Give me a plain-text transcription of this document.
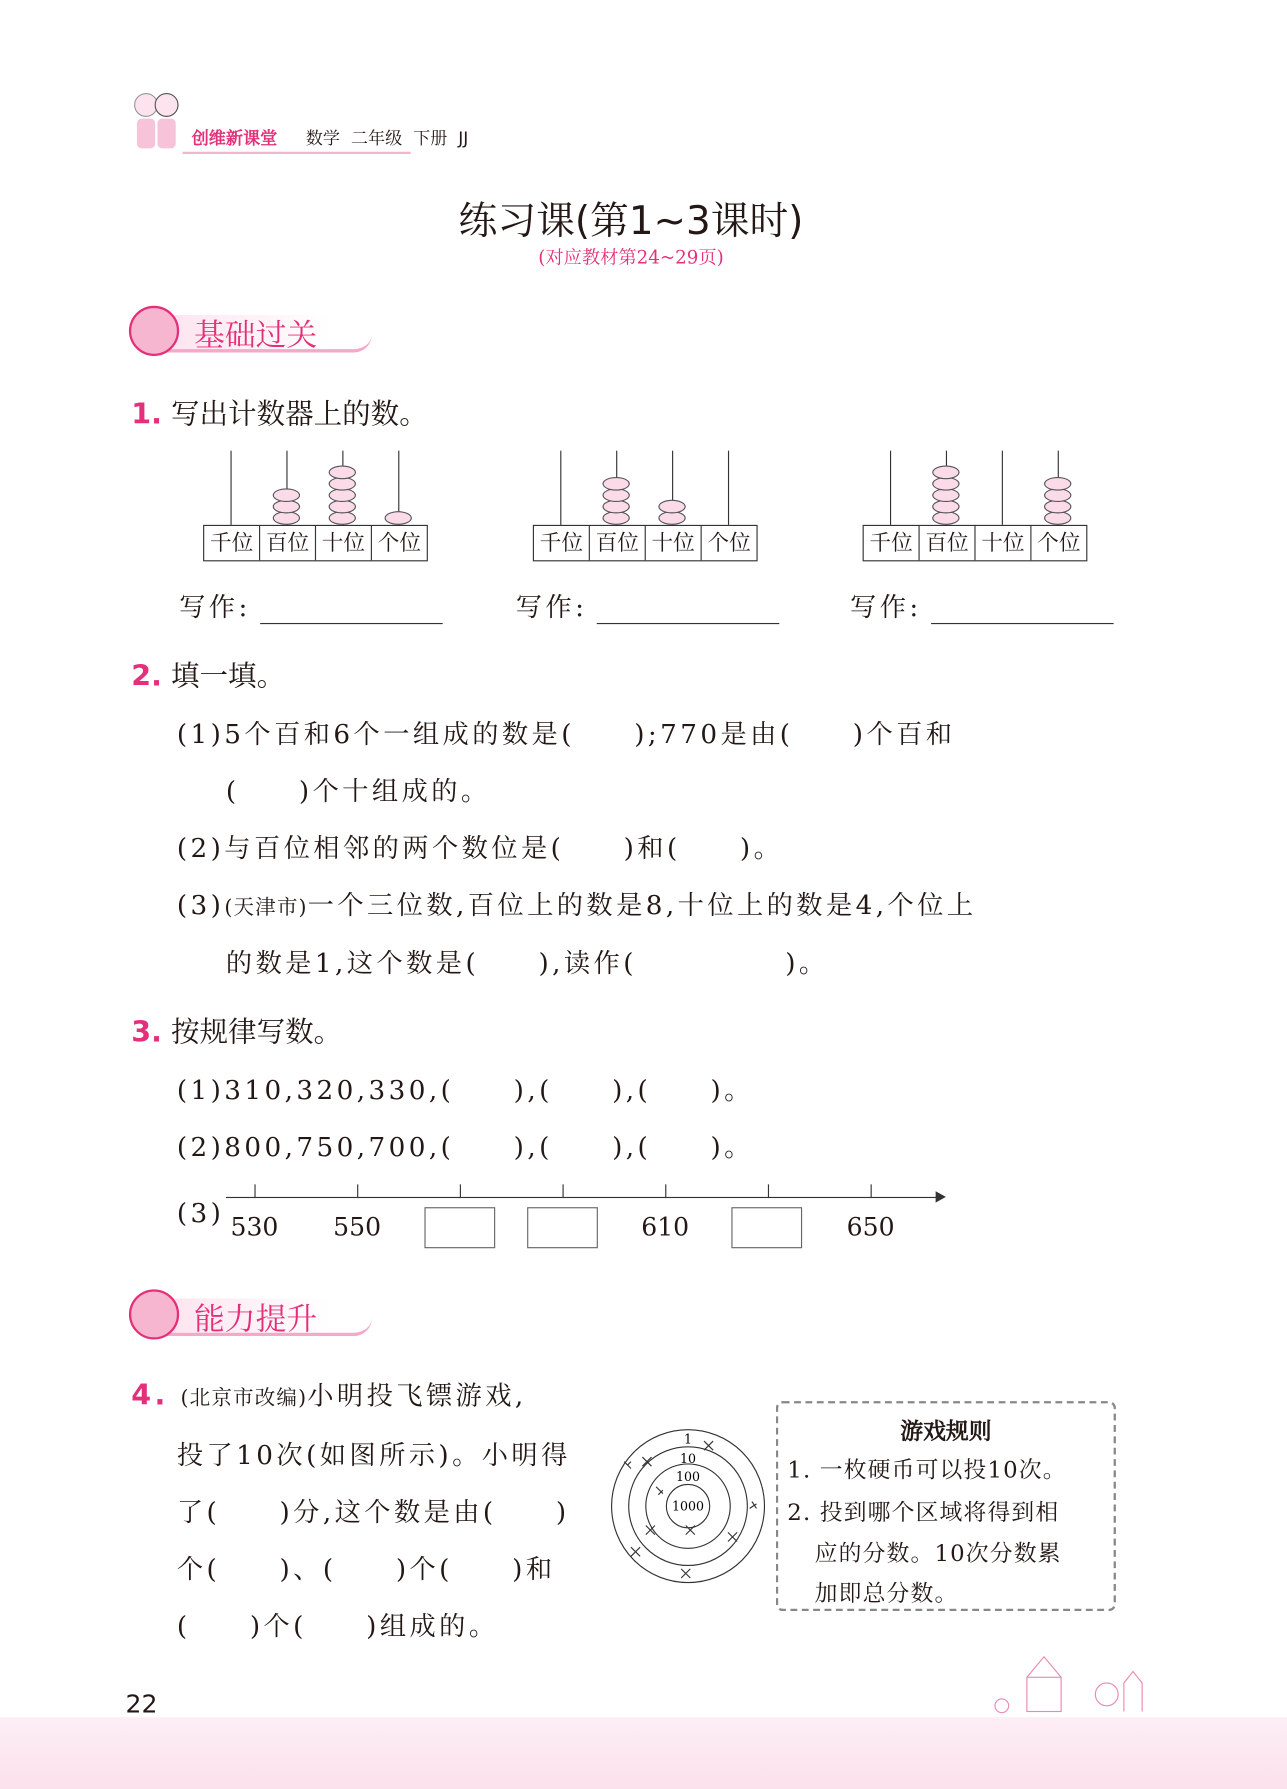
创维新课堂 数学  二年级  下册  JJ
练习课(第1~3课时)
(对应教材第24~29页)
基础过关
1. 写出计数器上的数。
千位 百位 十位 个位	千位 百位 十位 个位	千位 百位 十位 个位
写作:	写作:	写作:
2. 填一填。
(1)5个百和6个一组成的数是(　　);770是由(　　)个百和
(　　)个十组成的。
(2)与百位相邻的两个数位是(　　)和(　　)。
(3)(天津市)一个三位数,百位上的数是8,十位上的数是4,个位上
的数是1,这个数是(　　),读作(　　　　　)。
3. 按规律写数。
(1)310,320,330,(　　),(　　),(　　)。
(2)800,750,700,(　　),(　　),(　　)。
(3) 530	550	610	650
能力提升
4. (北京市改编)小明投飞镖游戏,
投了10次(如图所示)。小明得
了(　　)分,这个数是由(　　)
个(　　)、(　　)个(　　)和
(　　)个(　　)组成的。
1
10
100
1000
游戏规则
1. 一枚硬币可以投10次。
2. 投到哪个区域将得到相
应的分数。10次分数累
加即总分数。
22
